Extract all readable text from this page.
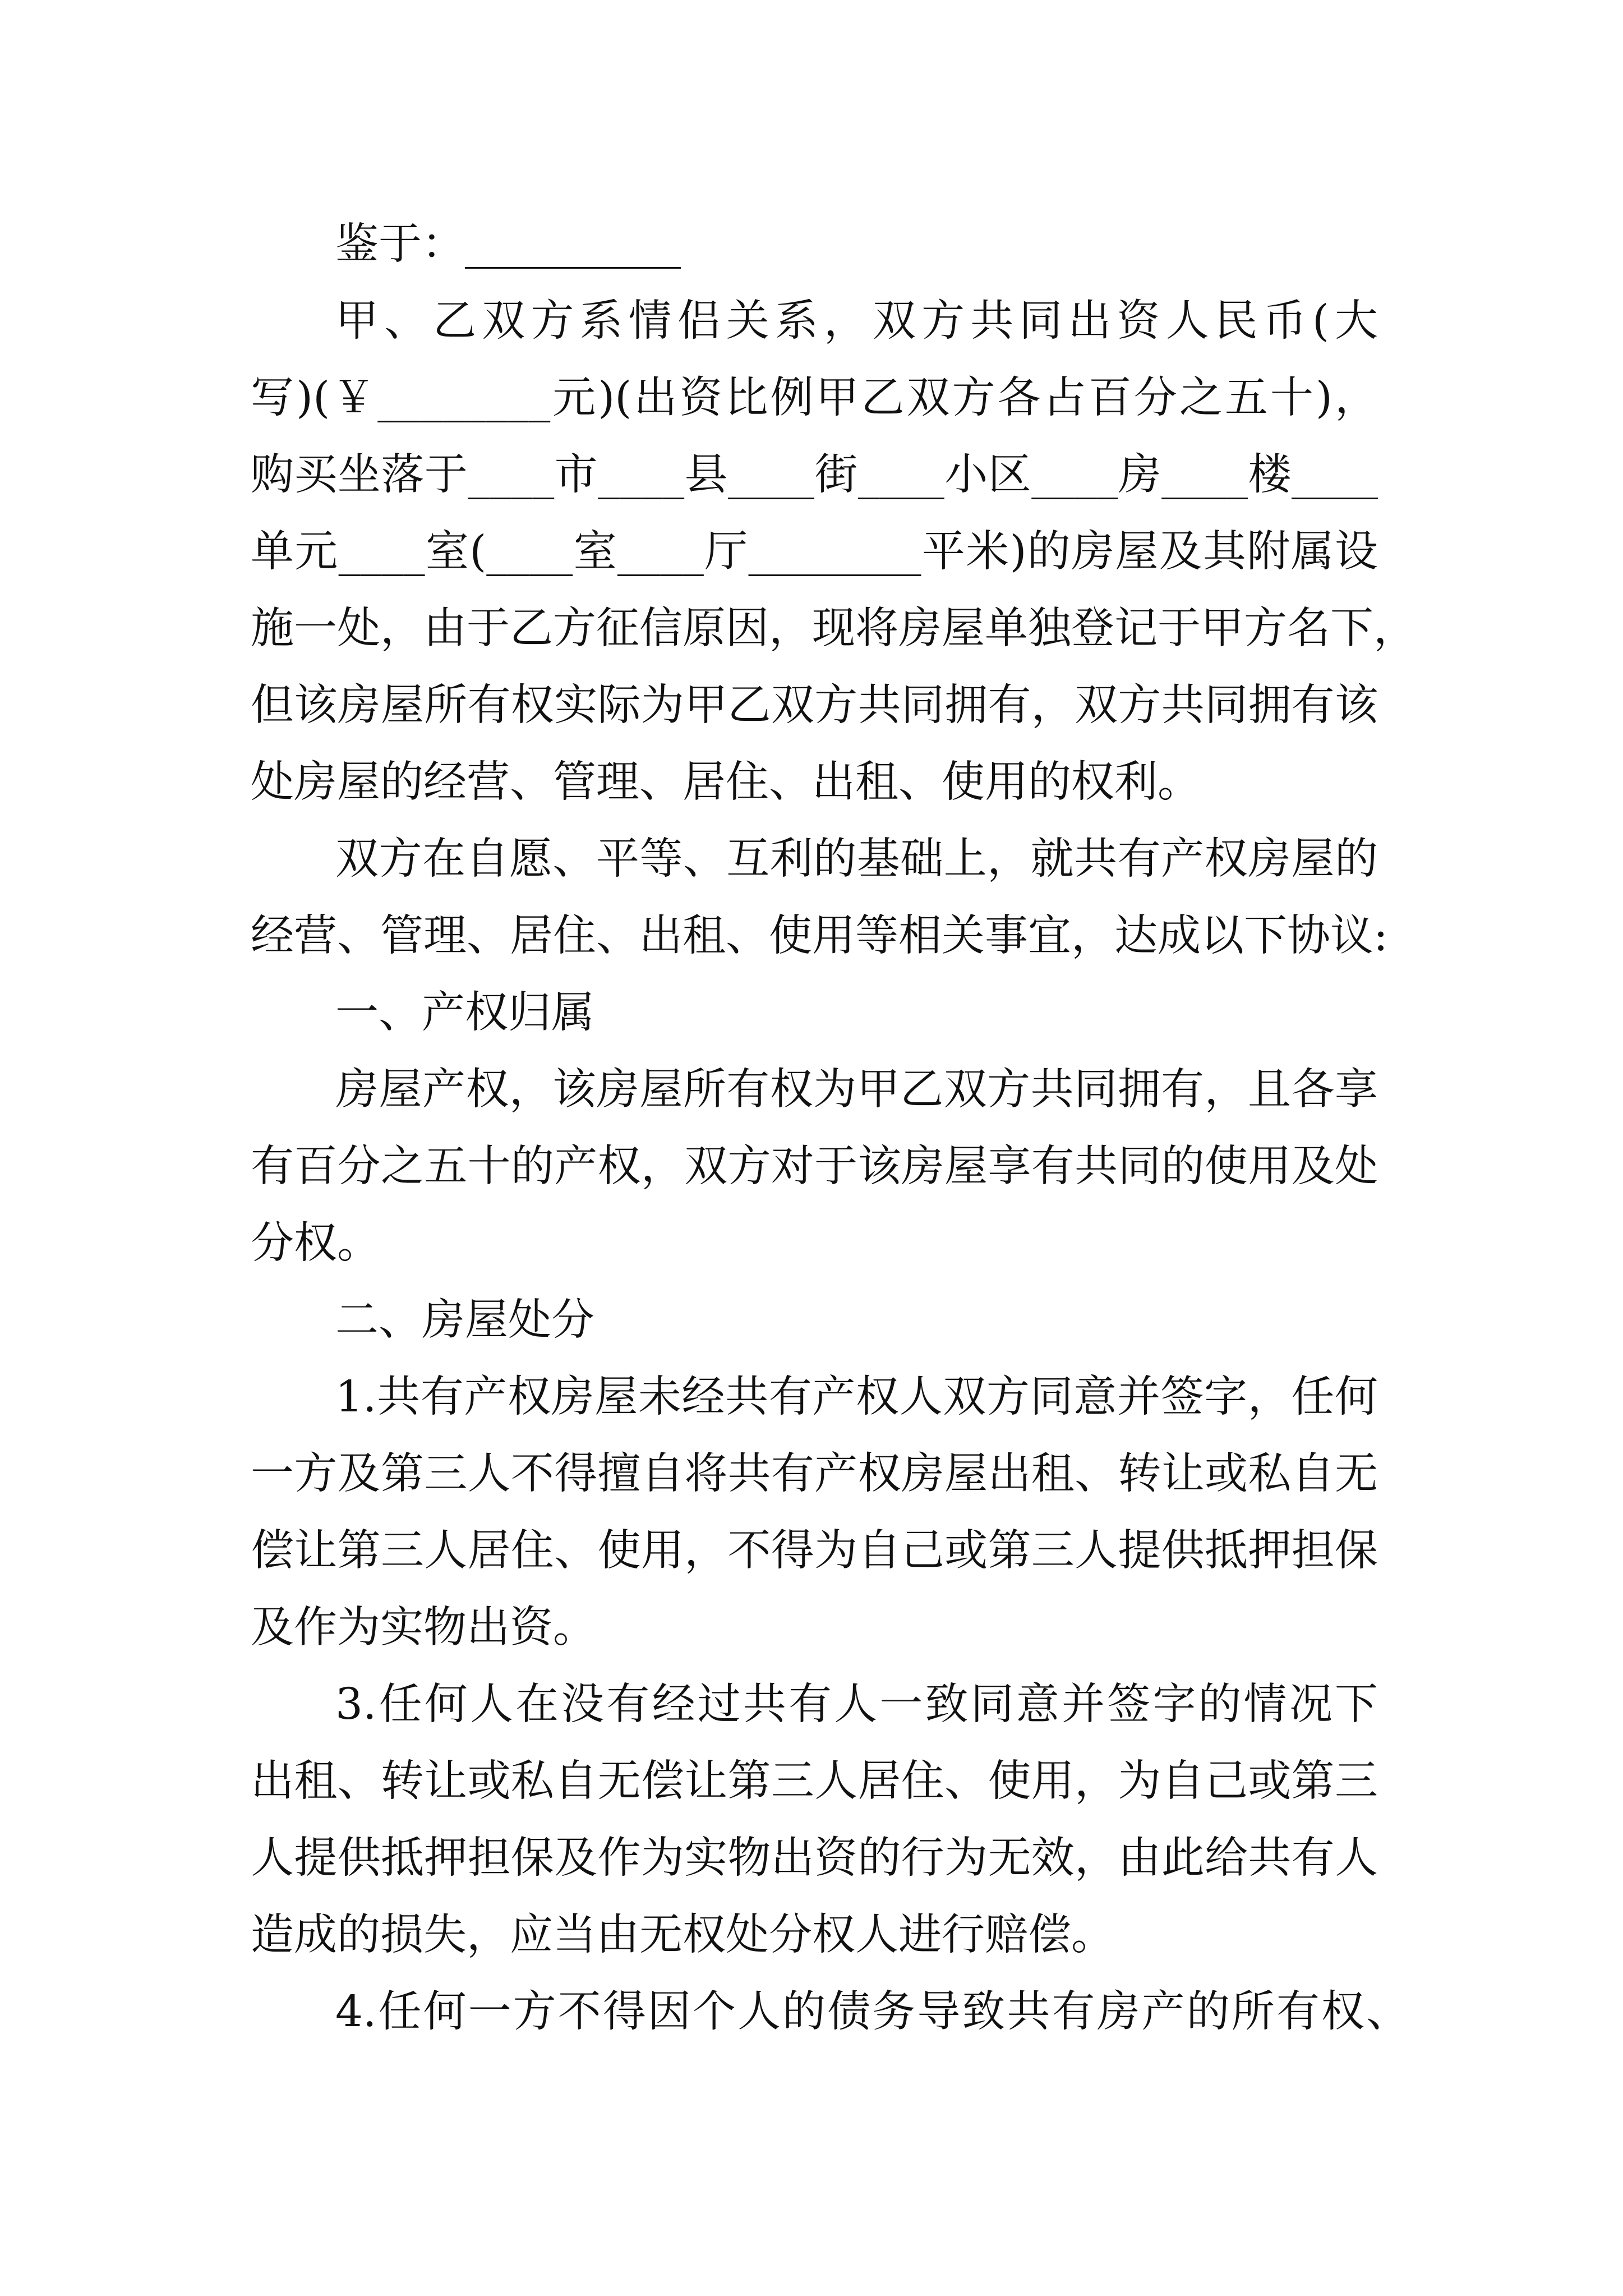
鉴于：__________
甲、乙双方系情侣关系，双方共同出资人民币(大
写)(￥________元)(出资比例甲乙双方各占百分之五十)，
购买坐落于____市____县____街____小区____房____楼____
单元____室(____室____厅________平米)的房屋及其附属设
施一处，由于乙方征信原因，现将房屋单独登记于甲方名下，
但该房屋所有权实际为甲乙双方共同拥有，双方共同拥有该
处房屋的经营、管理、居住、出租、使用的权利。
双方在自愿、平等、互利的基础上，就共有产权房屋的
经营、管理、居住、出租、使用等相关事宜，达成以下协议:
一、产权归属
房屋产权，该房屋所有权为甲乙双方共同拥有，且各享
有百分之五十的产权，双方对于该房屋享有共同的使用及处
分权。
二、房屋处分
1.共有产权房屋未经共有产权人双方同意并签字，任何
一方及第三人不得擅自将共有产权房屋出租、转让或私自无
偿让第三人居住、使用，不得为自己或第三人提供抵押担保
及作为实物出资。
3.任何人在没有经过共有人一致同意并签字的情况下
出租、转让或私自无偿让第三人居住、使用，为自己或第三
人提供抵押担保及作为实物出资的行为无效，由此给共有人
造成的损失，应当由无权处分权人进行赔偿。
4.任何一方不得因个人的债务导致共有房产的所有权、
